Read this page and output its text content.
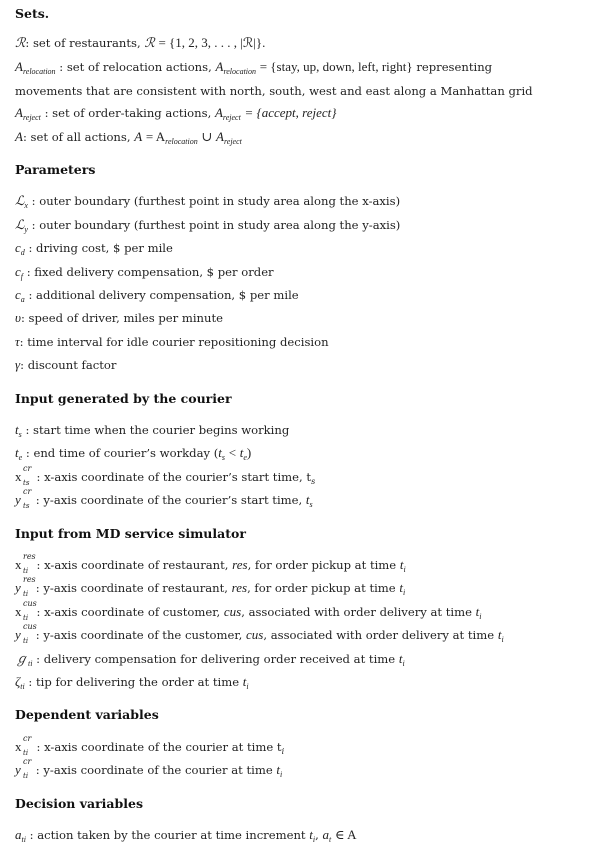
Sets.
ℛ: set of restaurants, ℛ = {1, 2, 3, . . . , |ℛ|}.
$A_{relocation}$ : set of relocation actions, $A_{relocation}$ = {stay, up, down, left, right} representing
movements that are consistent with north, south, west and east along a Manhattan grid
$A_{reject}$ : set of order-taking actions, $A_{reject}$ = {accept, reject}
A: set of all actions, $A = A_{relocation}$ ∪ $A_{reject}$
Parameters
ℒ$_x$ : outer boundary (furthest point in study area along the x-axis)
ℒ$_y$ : outer boundary (furthest point in study area along the y-axis)
$c_d$ : driving cost, $ per mile
$c_f$ : fixed delivery compensation, $ per order
$c_a$ : additional delivery compensation, $ per mile
υ: speed of driver, miles per minute
τ: time interval for idle courier repositioning decision
γ: discount factor
Input generated by the courier
$t_s$ : start time when the courier begins working
$t_e$ : end time of courier’s workday $(t_s < t_e)$
x
cr
ts : x-axis coordinate of the courier’s start time, $t_s$
y
cr
ts : y-axis coordinate of the courier’s start time, $t_s$
Input from MD service simulator
x
res
ti : x-axis coordinate of restaurant, res, for order pickup at time $t_i$
y
res
ti : y-axis coordinate of restaurant, res, for order pickup at time $t_i$
x
cus
ti : x-axis coordinate of customer, cus, associated with order delivery at time $t_i$
y
cus
ti : y-axis coordinate of the customer, cus, associated with order delivery at time $t_i$
ℊ$_{ti}$ : delivery compensation for delivering order received at time $t_i$
$\zeta_{ti}$ : tip for delivering the order at time $t_i$
Dependent variables
x
cr
ti : x-axis coordinate of the courier at time $t_i$
y
cr
ti : y-axis coordinate of the courier at time $t_i$
Decision variables
$a_{ti}$ : action taken by the courier at time increment $t_i$, $a_t$ ∈ A
